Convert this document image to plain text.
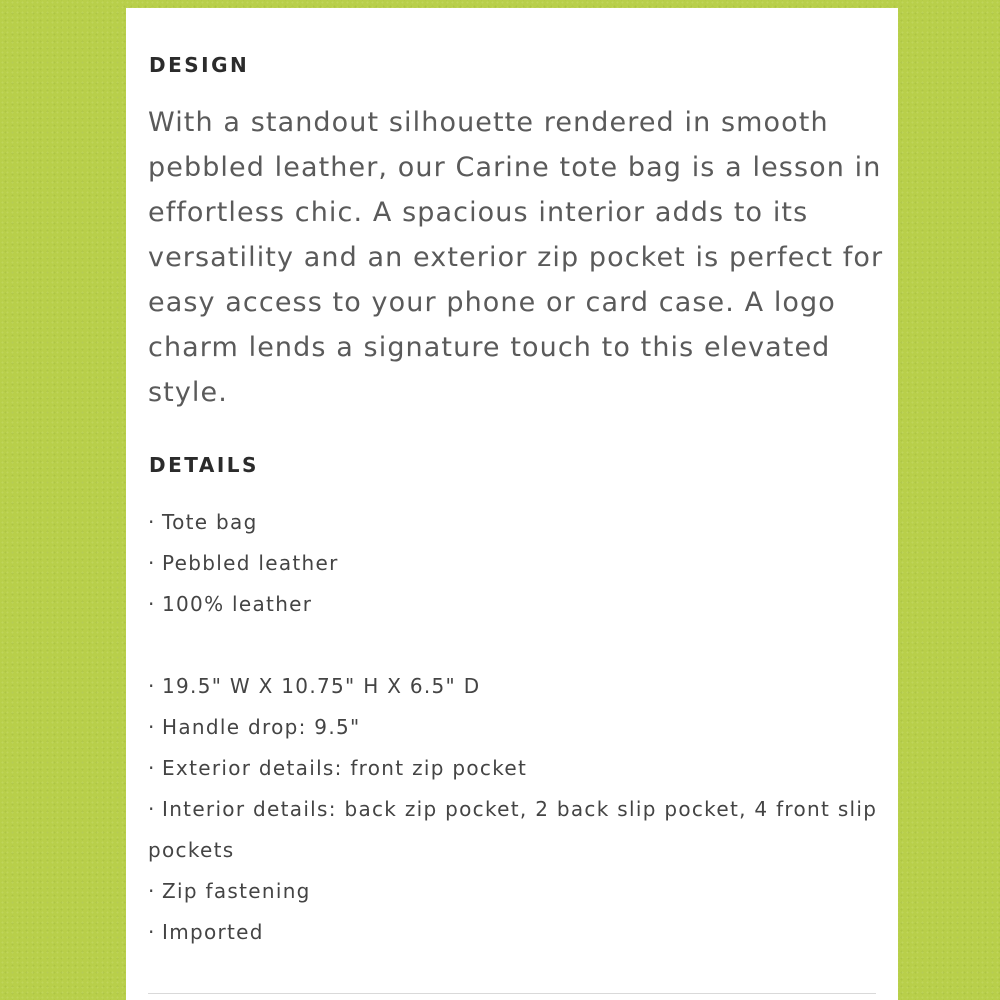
DESIGN

With a standout silhouette rendered in smooth pebbled leather, our Carine tote bag is a lesson in effortless chic. A spacious interior adds to its versatility and an exterior zip pocket is perfect for easy access to your phone or card case. A logo charm lends a signature touch to this elevated style.

DETAILS
· Tote bag
· Pebbled leather
· 100% leather
· 19.5" W X 10.75" H X 6.5" D
· Handle drop: 9.5"
· Exterior details: front zip pocket
· Interior details: back zip pocket, 2 back slip pocket, 4 front slip pockets
· Zip fastening
· Imported
